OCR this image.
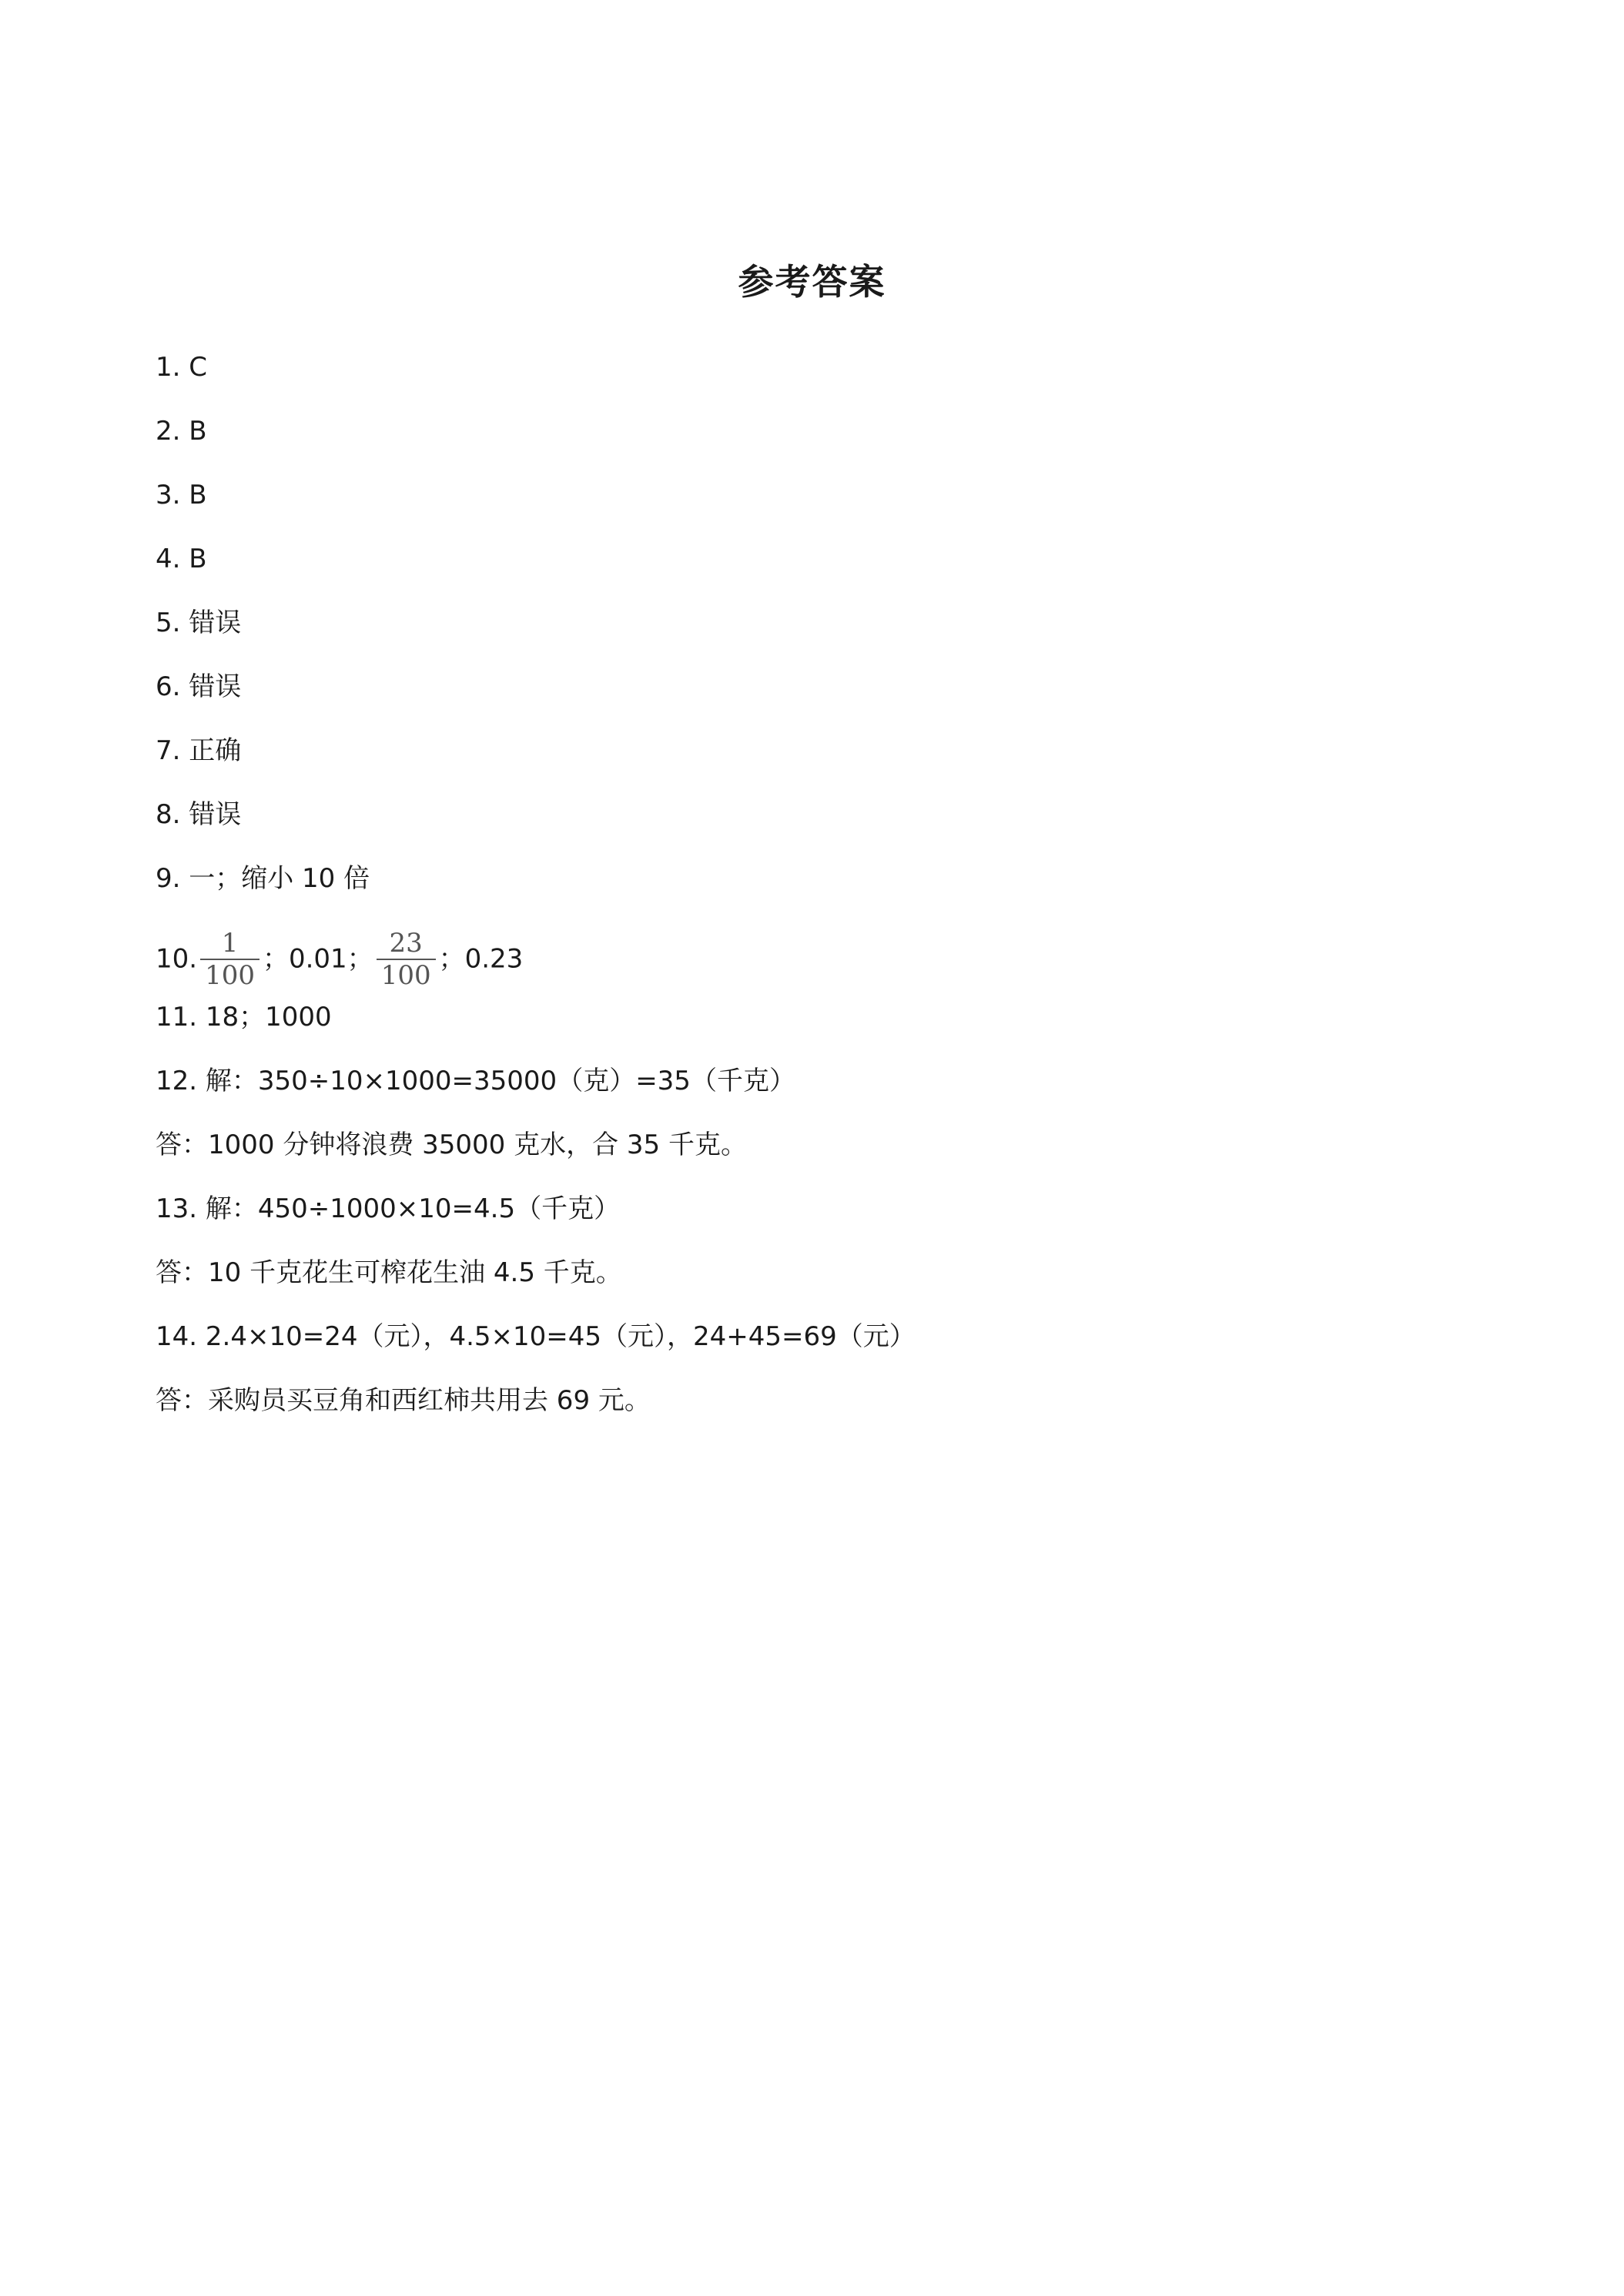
参考答案
1. C
2. B
3. B
4. B
5. 错误
6. 错误
7. 正确
8. 错误
9. 一；缩小 10 倍
10. $\frac{1}{100}$ ；0.01； $\frac{23}{100}$ ；0.23
11. 18；1000
12. 解：350÷10×1000=35000（克）=35（千克）
答：1000 分钟将浪费 35000 克水，合 35 千克。
13. 解：450÷1000×10=4.5（千克）
答：10 千克花生可榨花生油 4.5 千克。
14. 2.4×10=24（元），4.5×10=45（元），24+45=69（元）
答：采购员买豆角和西红柿共用去 69 元。
